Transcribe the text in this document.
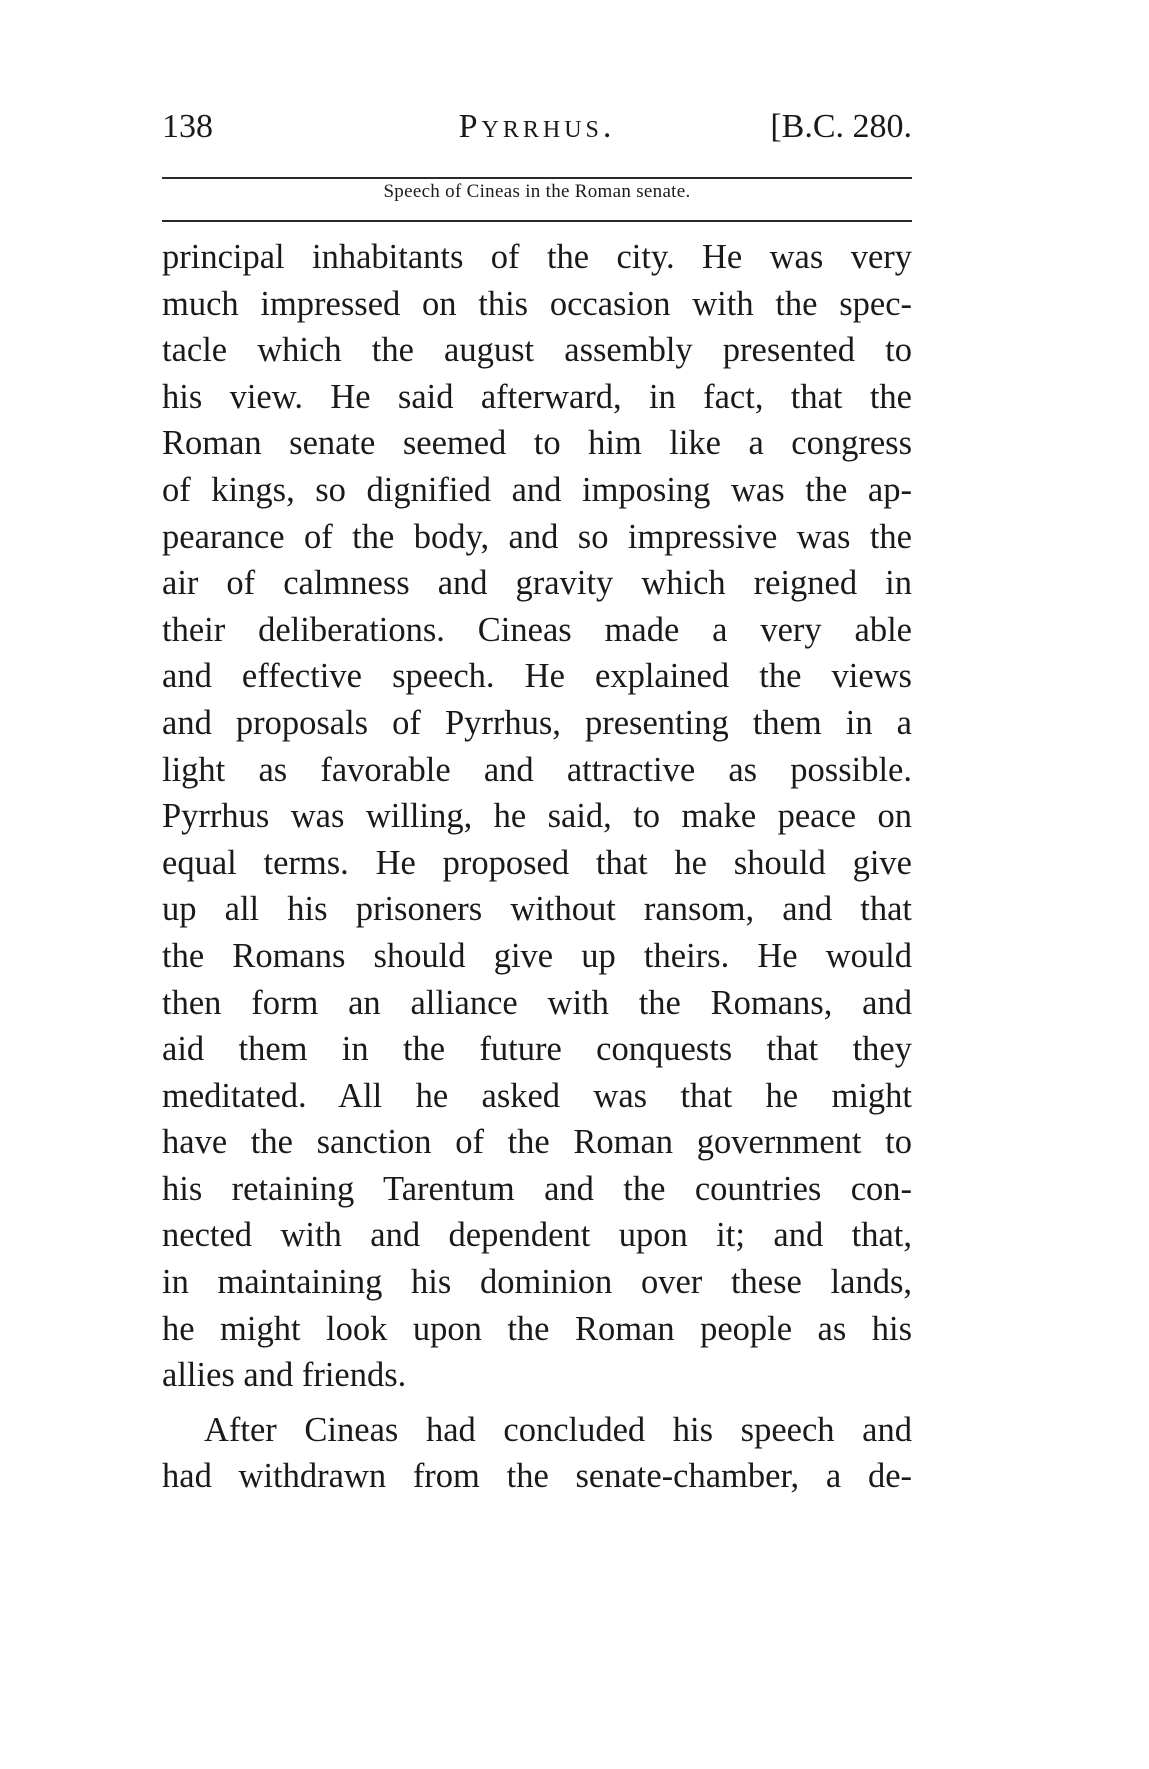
138	Pyrrhus.	[B.C. 280.
Speech of Cineas in the Roman senate.
principal inhabitants of the city. He was very
much impressed on this occasion with the spec-
tacle which the august assembly presented to
his view. He said afterward, in fact, that the
Roman senate seemed to him like a congress
of kings, so dignified and imposing was the ap-
pearance of the body, and so impressive was the
air of calmness and gravity which reigned in
their deliberations. Cineas made a very able
and effective speech. He explained the views
and proposals of Pyrrhus, presenting them in a
light as favorable and attractive as possible.
Pyrrhus was willing, he said, to make peace on
equal terms. He proposed that he should give
up all his prisoners without ransom, and that
the Romans should give up theirs. He would
then form an alliance with the Romans, and
aid them in the future conquests that they
meditated. All he asked was that he might
have the sanction of the Roman government to
his retaining Tarentum and the countries con-
nected with and dependent upon it; and that,
in maintaining his dominion over these lands,
he might look upon the Roman people as his
allies and friends.
After Cineas had concluded his speech and
had withdrawn from the senate-chamber, a de-
